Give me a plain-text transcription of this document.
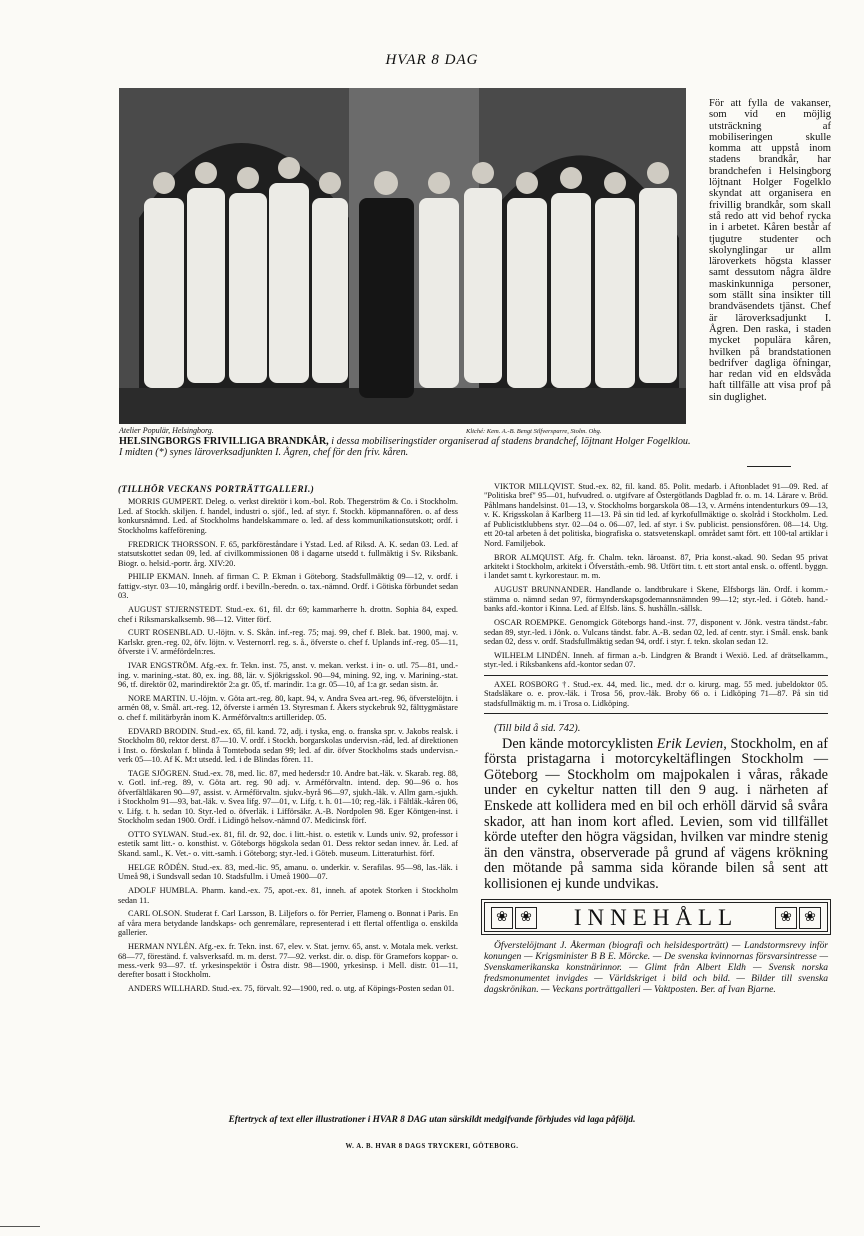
HVAR 8 DAG
Atelier Populär, Helsingborg.	Kliché: Kem. A.-B. Bengt Silfversparre, Stolm. Obg.
HELSINGBORGS FRIVILLIGA BRANDKÅR, i dessa mobiliseringstider organiserad af stadens brandchef, löjtnant Holger Fogelklou. I midten (*) synes läroverksadjunkten I. Ågren, chef för den friv. kåren.
För att fylla de vakanser, som vid en möjlig utsträckning af mobiliseringen skulle komma att uppstå inom stadens brandkår, har brandchefen i Helsingborg löjtnant Holger Fogelklo skyndat att organisera en frivillig brandkår, som skall stå redo att vid behof rycka in i arbetet. Kåren består af tjugutre studenter och skolynglingar ur allm läroverkets högsta klasser samt dessutom några äldre maskinkunniga personer, som ställt sina insikter till brandväsendets tjänst. Chef är läroverksadjunkt I. Ågren. Den raska, i staden mycket populära kåren, hvilken på brandstationen bedrifver dagliga öfningar, har redan vid en eldsvåda haft tillfälle att visa prof på sin duglighet.
(TILLHÖR VECKANS PORTRÄTTGALLERI.)

MORRIS GUMPERT. Deleg. o. verkst direktör i kom.-bol. Rob. Thegerström & Co. i Stockholm. Led. af Stockh. skiljen. f. handel, industri o. sjöf., led. af styr. f. Stockh. köpmannafören. o. af dess konkursnämnd. Led. af Stockholms handelskammare o. led. af dess kommunikationsutskott; ordf. i Stockholms kaffeförening.

FREDRICK THORSSON. F. 65, parkföreståndare i Ystad. Led. af Riksd. A. K. sedan 03. Led. af statsutskottet sedan 09, led. af civilkommissionen 08 i dagarne utsedd t. fullmäktig i Sv. Riksbank. Biogr. o. helsid.-portr. årg. XIV:20.

PHILIP EKMAN. Inneh. af firman C. P. Ekman i Göteborg. Stadsfullmäktig 09—12, v. ordf. i fattigv.-styr. 03—10, mångårig ordf. i bevilln.-beredn. o. tax.-nämnd. Ordf. i Götiska förbundet sedan 03.

AUGUST STJERNSTEDT. Stud.-ex. 61, fil. d:r 69; kammarherre h. drottn. Sophia 84, exped. chef i Riksmarskalksemb. 98—12. Vitter förf.

CURT ROSENBLAD. U.-löjtn. v. S. Skån. inf.-reg. 75; maj. 99, chef f. Blek. bat. 1900, maj. v. Karlskr. gren.-reg. 02, öfv. löjtn. v. Vesternorrl. reg. s. å., öfverste o. chef f. Uplands inf.-reg. 05—11, öfverste i V. arméfördeln:res.

IVAR ENGSTRÖM. Afg.-ex. fr. Tekn. inst. 75, anst. v. mekan. verkst. i in- o. utl. 75—81, und.-ing. v. marining.-stat. 80, ex. ing. 88, lär. v. Sjökrigsskol. 90—94, mining. 92, ing. v. Marining.-stat. 96, tf. direktör 02, marindirektör 2:a gr. 05, tf. marindir. 1:a gr. 05—10, af 1:a gr. sedan sistn. år.

NORE MARTIN. U.-löjtn. v. Göta art.-reg. 80, kapt. 94, v. Andra Svea art.-reg. 96, öfverstelöjtn. i armén 08, v. Smål. art.-reg. 12, öfverste i armén 13. Styresman f. Åkers styckebruk 92, fälttygmästare o. chef f. militärbyrån inom K. Arméförvaltn:s artilleridep. 05.

EDVARD BRODIN. Stud.-ex. 65, fil. kand. 72, adj. i tyska, eng. o. franska spr. v. Jakobs realsk. i Stockholm 80, rektor derst. 87—10. V. ordf. i Stockh. borgarskolas undervisn.-råd, led. af direktionen i Inst. o. förskolan f. blinda å Tomteboda sedan 99; led. af dir. öfver Stockholms stads undervisn.-verk 05—10. Af K. M:t utsedd. led. i de Blindas fören. 11.

TAGE SJÖGREN. Stud.-ex. 78, med. lic. 87, med hedersd:r 10. Andre bat.-läk. v. Skarab. reg. 88, v. Gotl. inf.-reg. 89, v. Göta art. reg. 90 adj. v. Arméförvaltn. intend. dep. 90—96 o. hos öfverfältläkaren 90—97, assist. v. Arméförvaltn. sjukv.-byrå 96—97, sjukh.-läk. v. Allm garn.-sjukh. i Stockholm 91—93, bat.-läk. v. Svea lifg. 97—01, v. Lifg. t. h. 01—10; reg.-läk. i Fältläk.-kåren 06, v. Lifg. t. h. sedan 10. Styr.-led o. öfverläk. i Lifförsäkr. A.-B. Nordpolen 98. Eger Köntgen-inst. i Stockholm sedan 1900. Ordf. i Lidingö helsov.-nämnd 07. Medicinsk förf.

OTTO SYLWAN. Stud.-ex. 81, fil. dr. 92, doc. i litt.-hist. o. estetik v. Lunds univ. 92, professor i estetik samt litt.- o. konsthist. v. Göteborgs högskola sedan 01. Dess rektor sedan innev. år. Led. af Skand. saml., K. Vet.- o. vitt.-samh. i Göteborg; styr.-led. i Göteb. museum. Litteraturhist. förf.

HELGE RÖDÉN. Stud.-ex. 83, med.-lic. 95, amanu. o. underkir. v. Serafilas. 95—98, las.-läk. i Umeå 98, i Sundsvall sedan 10. Stadsfullm. i Umeå 1900—07.

ADOLF HUMBLA. Pharm. kand.-ex. 75, apot.-ex. 81, inneh. af apotek Storken i Stockholm sedan 11.

CARL OLSON. Studerat f. Carl Larsson, B. Liljefors o. för Perrier, Flameng o. Bonnat i Paris. En af våra mera betydande landskaps- och genremålare, representerad i ett flertal offentliga o. enskilda gallerier.

HERMAN NYLÉN. Afg.-ex. fr. Tekn. inst. 67, elev. v. Stat. jernv. 65, anst. v. Motala mek. verkst. 68—77, föreständ. f. valsverksafd. m. m. derst. 77—92. verkst. dir. o. disp. för Gramefors koppar- o. mess.-verk 93—97. tf. yrkesinspektör i Östra distr. 98—1900, yrkesinsp. i Mell. distr. 01—11, derefter bosatt i Stockholm.

ANDERS WILLHARD. Stud.-ex. 75, förvalt. 92—1900, red. o. utg. af Köpings-Posten sedan 01.

VIKTOR MILLQVIST. Stud.-ex. 82, fil. kand. 85. Polit. medarb. i Aftonbladet 91—09. Red. af "Politiska bref" 95—01, hufvudred. o. utgifvare af Östergötlands Dagblad fr. o. m. 14. Lärare v. Bröd. Påhlmans handelsinst. 01—13, v. Stockholms borgarskola 08—13, v. Arméns intendenturkurs 09—13, v. K. Krigsskolan å Karlberg 11—13. På sin tid led. af kyrkofullmäktige o. skolråd i Stockholm. Led. af Publicistklubbens styr. 02—04 o. 06—07, led. af styr. i Sv. publicist. pensionsfören. 08—14. Utg. ett 20-tal arbeten å det politiska, biografiska o. statsvetenskapl. området samt fört. ett 100-tal artiklar i Nord. Familjebok.

BROR ALMQUIST. Afg. fr. Chalm. tekn. läroanst. 87, Pria konst.-akad. 90. Sedan 95 privat arkitekt i Stockholm, arkitekt i Öfverståth.-emb. 98. Utfört titn. t. ett stort antal ensk. o. offentl. byggn. i landet samt t. kyrkorestaur. m. m.

AUGUST BRUNNANDER. Handlande o. landtbrukare i Skene, Elfsborgs län. Ordf. i komm.-stämma o. nämnd sedan 97, förmynderskapsgodemannsnämnden 99—12; styr.-led. i Göteb. hand.-banks afd.-kontor i Kinna. Led. af Elfsb. läns. S. hushålln.-sällsk.

OSCAR ROEMPKE. Genomgick Göteborgs hand.-inst. 77, disponent v. Jönk. vestra tändst.-fabr. sedan 89, styr.-led. i Jönk. o. Vulcans tändst. fabr. A.-B. sedan 02, led. af centr. styr. i Smål. ensk. bank sedan 02, dess v. ordf. Stadsfullmäktig sedan 94, ordf. i styr. f. tekn. skolan sedan 12.

WILHELM LINDÉN. Inneh. af firman a.-b. Lindgren & Brandt i Wexiö. Led. af drätselkamm., styr.-led. i Riksbankens afd.-kontor sedan 07.

AXEL ROSBORG †. Stud.-ex. 44, med. lic., med. d:r o. kirurg. mag. 55 med. jubeldoktor 05. Stadsläkare o. e. prov.-läk. i Trosa 56, prov.-läk. Broby 66 o. i Lidköping 71—87. På sin tid stadsfullmäktig m. m. i Trosa o. Lidköping.

(Till bild å sid. 742).

Den kände motorcyklisten Erik Levien, Stockholm, en af första pristagarna i motorcykeltäflingen Stockholm — Göteborg — Stockholm om majpokalen i våras, råkade under en cykeltur natten till den 9 aug. i närheten af Enskede att kollidera med en bil och erhöll därvid så svåra skador, att han inom kort afled. Levien, som vid tillfället körde utefter den högra vägsidan, hvilken var mindre stenig än den vänstra, observerade på grund af vägens krökning den mötande på samma sida körande bilen så sent att kollisionen ej kunde undvikas.

❀ ❀ INNEHÅLL	❀ ❀

Öfverstelöjtnant J. Åkerman (biografi och helsidesporträtt) — Landstormsrevy inför konungen — Krigsminister B B E. Mörcke. — De svenska kvinnornas försvarsintresse — Svenskamerikanska konstnärinnor. — Glimt från Albert Eldh — Svensk norska fredsmonumentet invigdes — Världskriget i bild och bild. — Bilder till svenska dagskrönikan. — Veckans porträttgalleri — Vaktposten. Ber. af Ivan Bjarne.

Eftertryck af text eller illustrationer i HVAR 8 DAG utan särskildt medgifvande förbjudes vid laga påföljd.
W. A. B. HVAR 8 DAGS TRYCKERI, GÖTEBORG.
